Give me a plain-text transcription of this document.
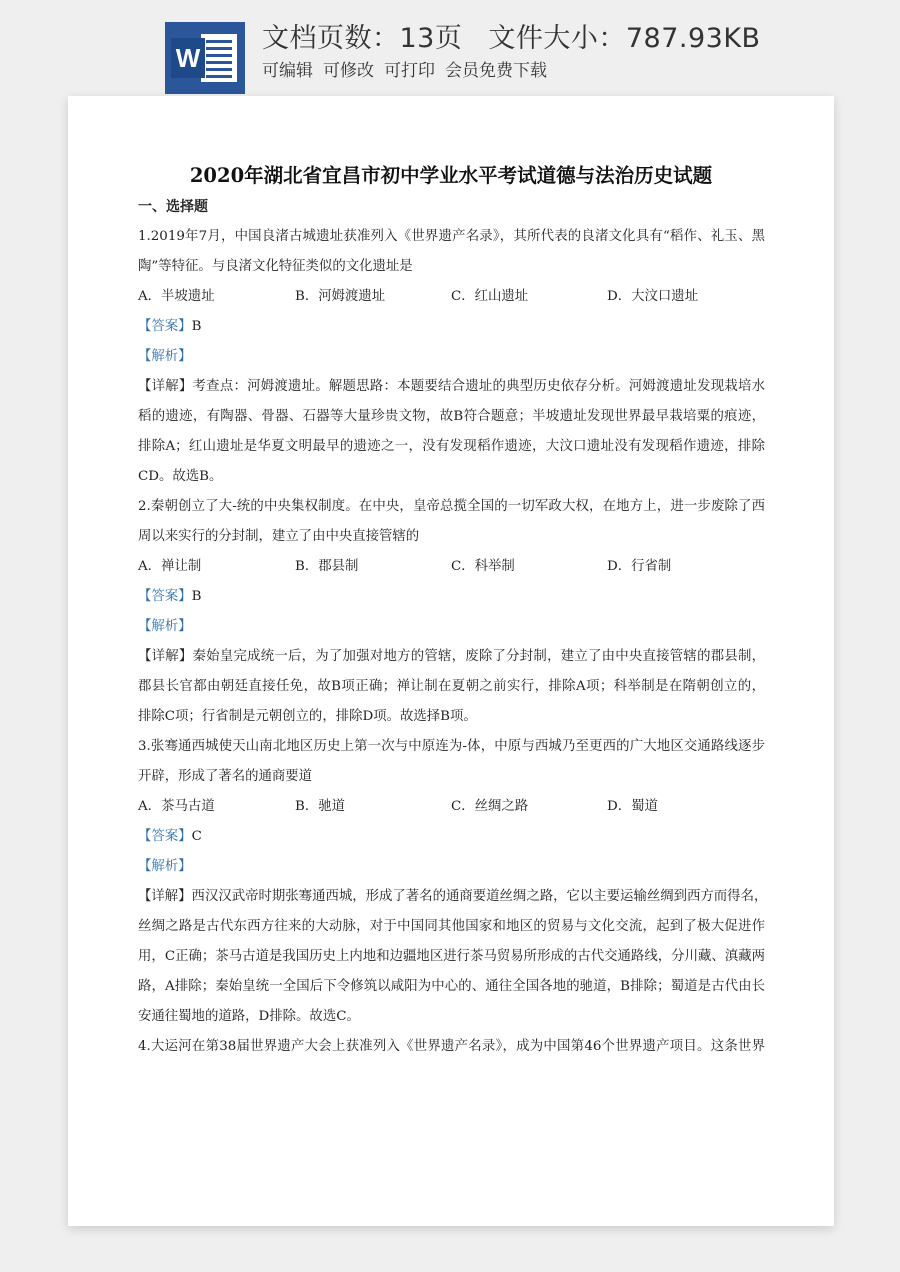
W
文档页数：13页 文件大小：787.93KB
可编辑 可修改 可打印 会员免费下载
2020年湖北省宜昌市初中学业水平考试道德与法治历史试题
一、选择题
1.2019年7月，中国良渚古城遗址获准列入《世界遗产名录》，其所代表的良渚文化具有“稻作、礼玉、黑
陶”等特征。与良渚文化特征类似的文化遗址是
A．半坡遗址	B．河姆渡遗址	C．红山遗址	D．大汶口遗址
【答案】B
【解析】
【详解】考查点：河姆渡遗址。解题思路：本题要结合遗址的典型历史依存分析。河姆渡遗址发现栽培水
稻的遗迹，有陶器、骨器、石器等大量珍贵文物，故B符合题意；半坡遗址发现世界最早栽培粟的痕迹，
排除A；红山遗址是华夏文明最早的遗迹之一，没有发现稻作遗迹，大汶口遗址没有发现稻作遗迹，排除
CD。故选B。
2.秦朝创立了大-统的中央集权制度。在中央，皇帝总揽全国的一切军政大权，在地方上，进一步废除了西
周以来实行的分封制，建立了由中央直接管辖的
A．禅让制	B．郡县制	C．科举制	D．行省制
【答案】B
【解析】
【详解】秦始皇完成统一后，为了加强对地方的管辖，废除了分封制，建立了由中央直接管辖的郡县制，
郡县长官都由朝廷直接任免，故B项正确；禅让制在夏朝之前实行，排除A项；科举制是在隋朝创立的，
排除C项；行省制是元朝创立的，排除D项。故选择B项。
3.张骞通西城使天山南北地区历史上第一次与中原连为-体，中原与西城乃至更西的广大地区交通路线逐步
开辟，形成了著名的通商要道
A．茶马古道	B．驰道	C．丝绸之路	D．蜀道
【答案】C
【解析】
【详解】西汉汉武帝时期张骞通西城，形成了著名的通商要道丝绸之路，它以主要运输丝绸到西方而得名，
丝绸之路是古代东西方往来的大动脉，对于中国同其他国家和地区的贸易与文化交流，起到了极大促进作
用，C正确；茶马古道是我国历史上内地和边疆地区进行茶马贸易所形成的古代交通路线，分川藏、滇藏两
路，A排除；秦始皇统一全国后下令修筑以咸阳为中心的、通往全国各地的驰道，B排除；蜀道是古代由长
安通往蜀地的道路，D排除。故选C。
4.大运河在第38届世界遗产大会上获准列入《世界遗产名录》，成为中国第46个世界遗产项目。这条世界
